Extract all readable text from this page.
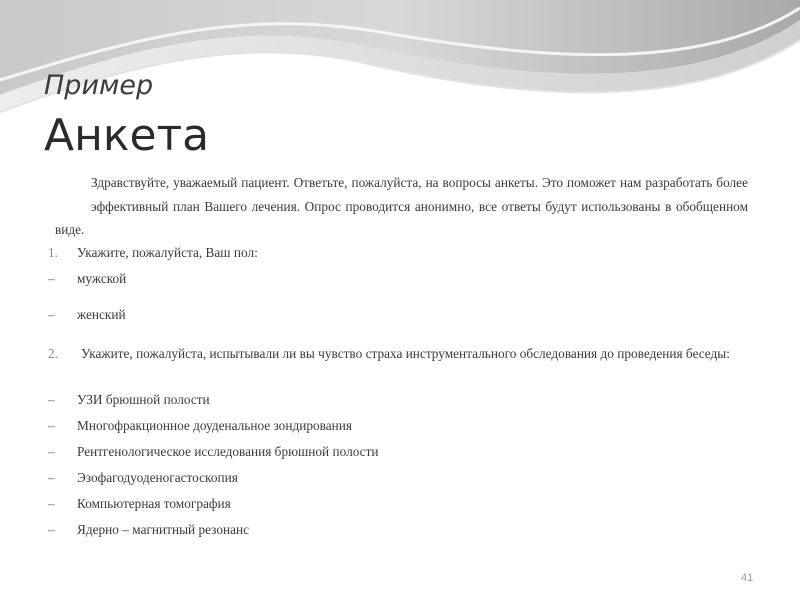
Пример
Анкета
Здравствуйте, уважаемый пациент. Ответьте, пожалуйста, на вопросы анкеты. Это поможет нам разработать болееэффективный план Вашего лечения. Опрос проводится анонимно, все ответы будут использованы в обобщенном виде.
1. Укажите, пожалуйста, Ваш пол:
– мужской
– женский
2.	Укажите, пожалуйста, испытывали ли вы чувство страха инструментального обследования до проведения беседы:
– УЗИ брюшной полости
– Многофракционное доуденальное зондирования
– Рентгенологическое исследования брюшной полости
– Эзофагодуоденогастоскопия
– Компьютерная томография
– Ядерно – магнитный резонанс
41
